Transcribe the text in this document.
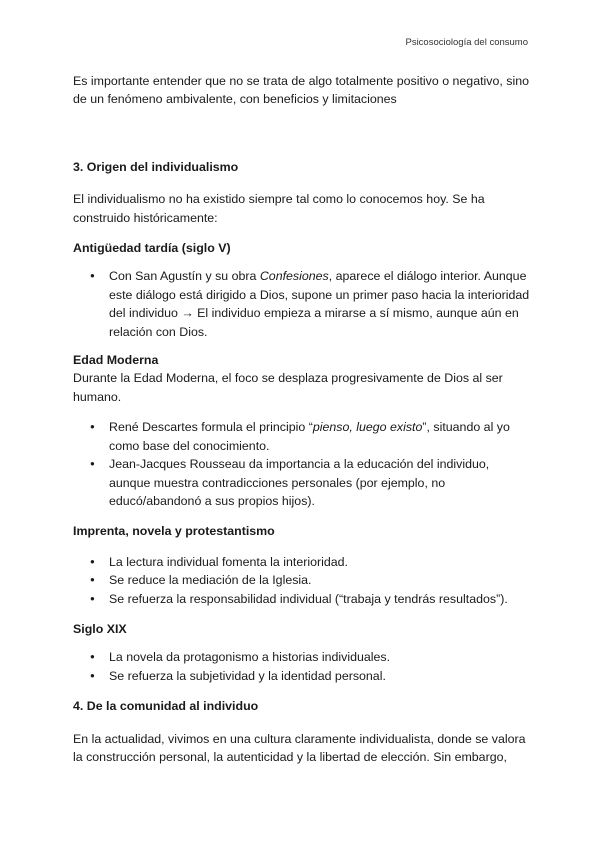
Psicosociología del consumo

Es importante entender que no se trata de algo totalmente positivo o negativo, sino de un fenómeno ambivalente, con beneficios y limitaciones

3. Origen del individualismo

El individualismo no ha existido siempre tal como lo conocemos hoy. Se ha construido históricamente:

Antigüedad tardía (siglo V)
● Con San Agustín y su obra Confesiones, aparece el diálogo interior. Aunque este diálogo está dirigido a Dios, supone un primer paso hacia la interioridad del individuo → El individuo empieza a mirarse a sí mismo, aunque aún en relación con Dios.
Edad Moderna

Durante la Edad Moderna, el foco se desplaza progresivamente de Dios al ser humano.

● René Descartes formula el principio “pienso, luego existo”, situando al yo como base del conocimiento.
● Jean-Jacques Rousseau da importancia a la educación del individuo, aunque muestra contradicciones personales (por ejemplo, no educó/abandonó a sus propios hijos).
Imprenta, novela y protestantismo
● La lectura individual fomenta la interioridad.
● Se reduce la mediación de la Iglesia.
● Se refuerza la responsabilidad individual (“trabaja y tendrás resultados”).
Siglo XIX
● La novela da protagonismo a historias individuales.
● Se refuerza la subjetividad y la identidad personal.
4. De la comunidad al individuo

En la actualidad, vivimos en una cultura claramente individualista, donde se valora la construcción personal, la autenticidad y la libertad de elección. Sin embargo,
